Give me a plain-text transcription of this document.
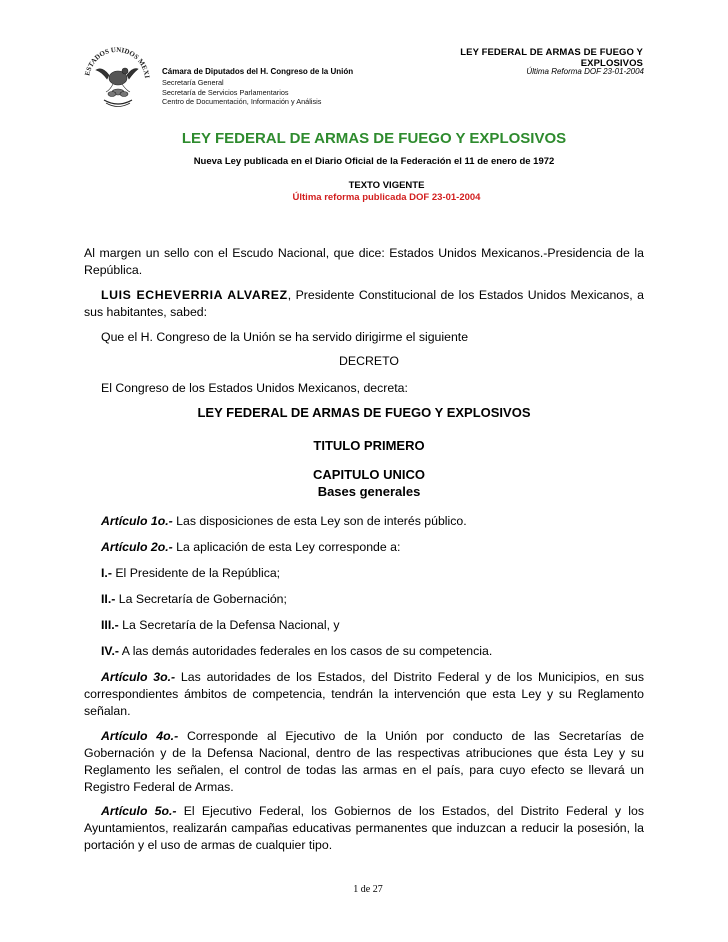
ESTADOS UNIDOS MEXI
LEY FEDERAL DE ARMAS DE FUEGO Y EXPLOSIVOS
Cámara de Diputados del H. Congreso de la Unión	Última Reforma DOF 23-01-2004
Secretaría General
Secretaría de Servicios Parlamentarios
Centro de Documentación, Información y Análisis
LEY FEDERAL DE ARMAS DE FUEGO Y EXPLOSIVOS
Nueva Ley publicada en el Diario Oficial de la Federación el 11 de enero de 1972
TEXTO VIGENTE
Última reforma publicada DOF 23-01-2004
Al margen un sello con el Escudo Nacional, que dice: Estados Unidos Mexicanos.-Presidencia de la República.
LUIS ECHEVERRIA ALVAREZ, Presidente Constitucional de los Estados Unidos Mexicanos, a sus habitantes, sabed:
Que el H. Congreso de la Unión se ha servido dirigirme el siguiente
DECRETO
El Congreso de los Estados Unidos Mexicanos, decreta:
LEY FEDERAL DE ARMAS DE FUEGO Y EXPLOSIVOS
TITULO PRIMERO
CAPITULO UNICO
Bases generales
Artículo 1o.- Las disposiciones de esta Ley son de interés público.
Artículo 2o.- La aplicación de esta Ley corresponde a:
I.- El Presidente de la República;
II.- La Secretaría de Gobernación;
III.- La Secretaría de la Defensa Nacional, y
IV.- A las demás autoridades federales en los casos de su competencia.
Artículo 3o.- Las autoridades de los Estados, del Distrito Federal y de los Municipios, en sus correspondientes ámbitos de competencia, tendrán la intervención que esta Ley y su Reglamento señalan.
Artículo 4o.- Corresponde al Ejecutivo de la Unión por conducto de las Secretarías de Gobernación y de la Defensa Nacional, dentro de las respectivas atribuciones que ésta Ley y su Reglamento les señalen, el control de todas las armas en el país, para cuyo efecto se llevará un Registro Federal de Armas.
Artículo 5o.- El Ejecutivo Federal, los Gobiernos de los Estados, del Distrito Federal y los Ayuntamientos, realizarán campañas educativas permanentes que induzcan a reducir la posesión, la portación y el uso de armas de cualquier tipo.
1 de 27
